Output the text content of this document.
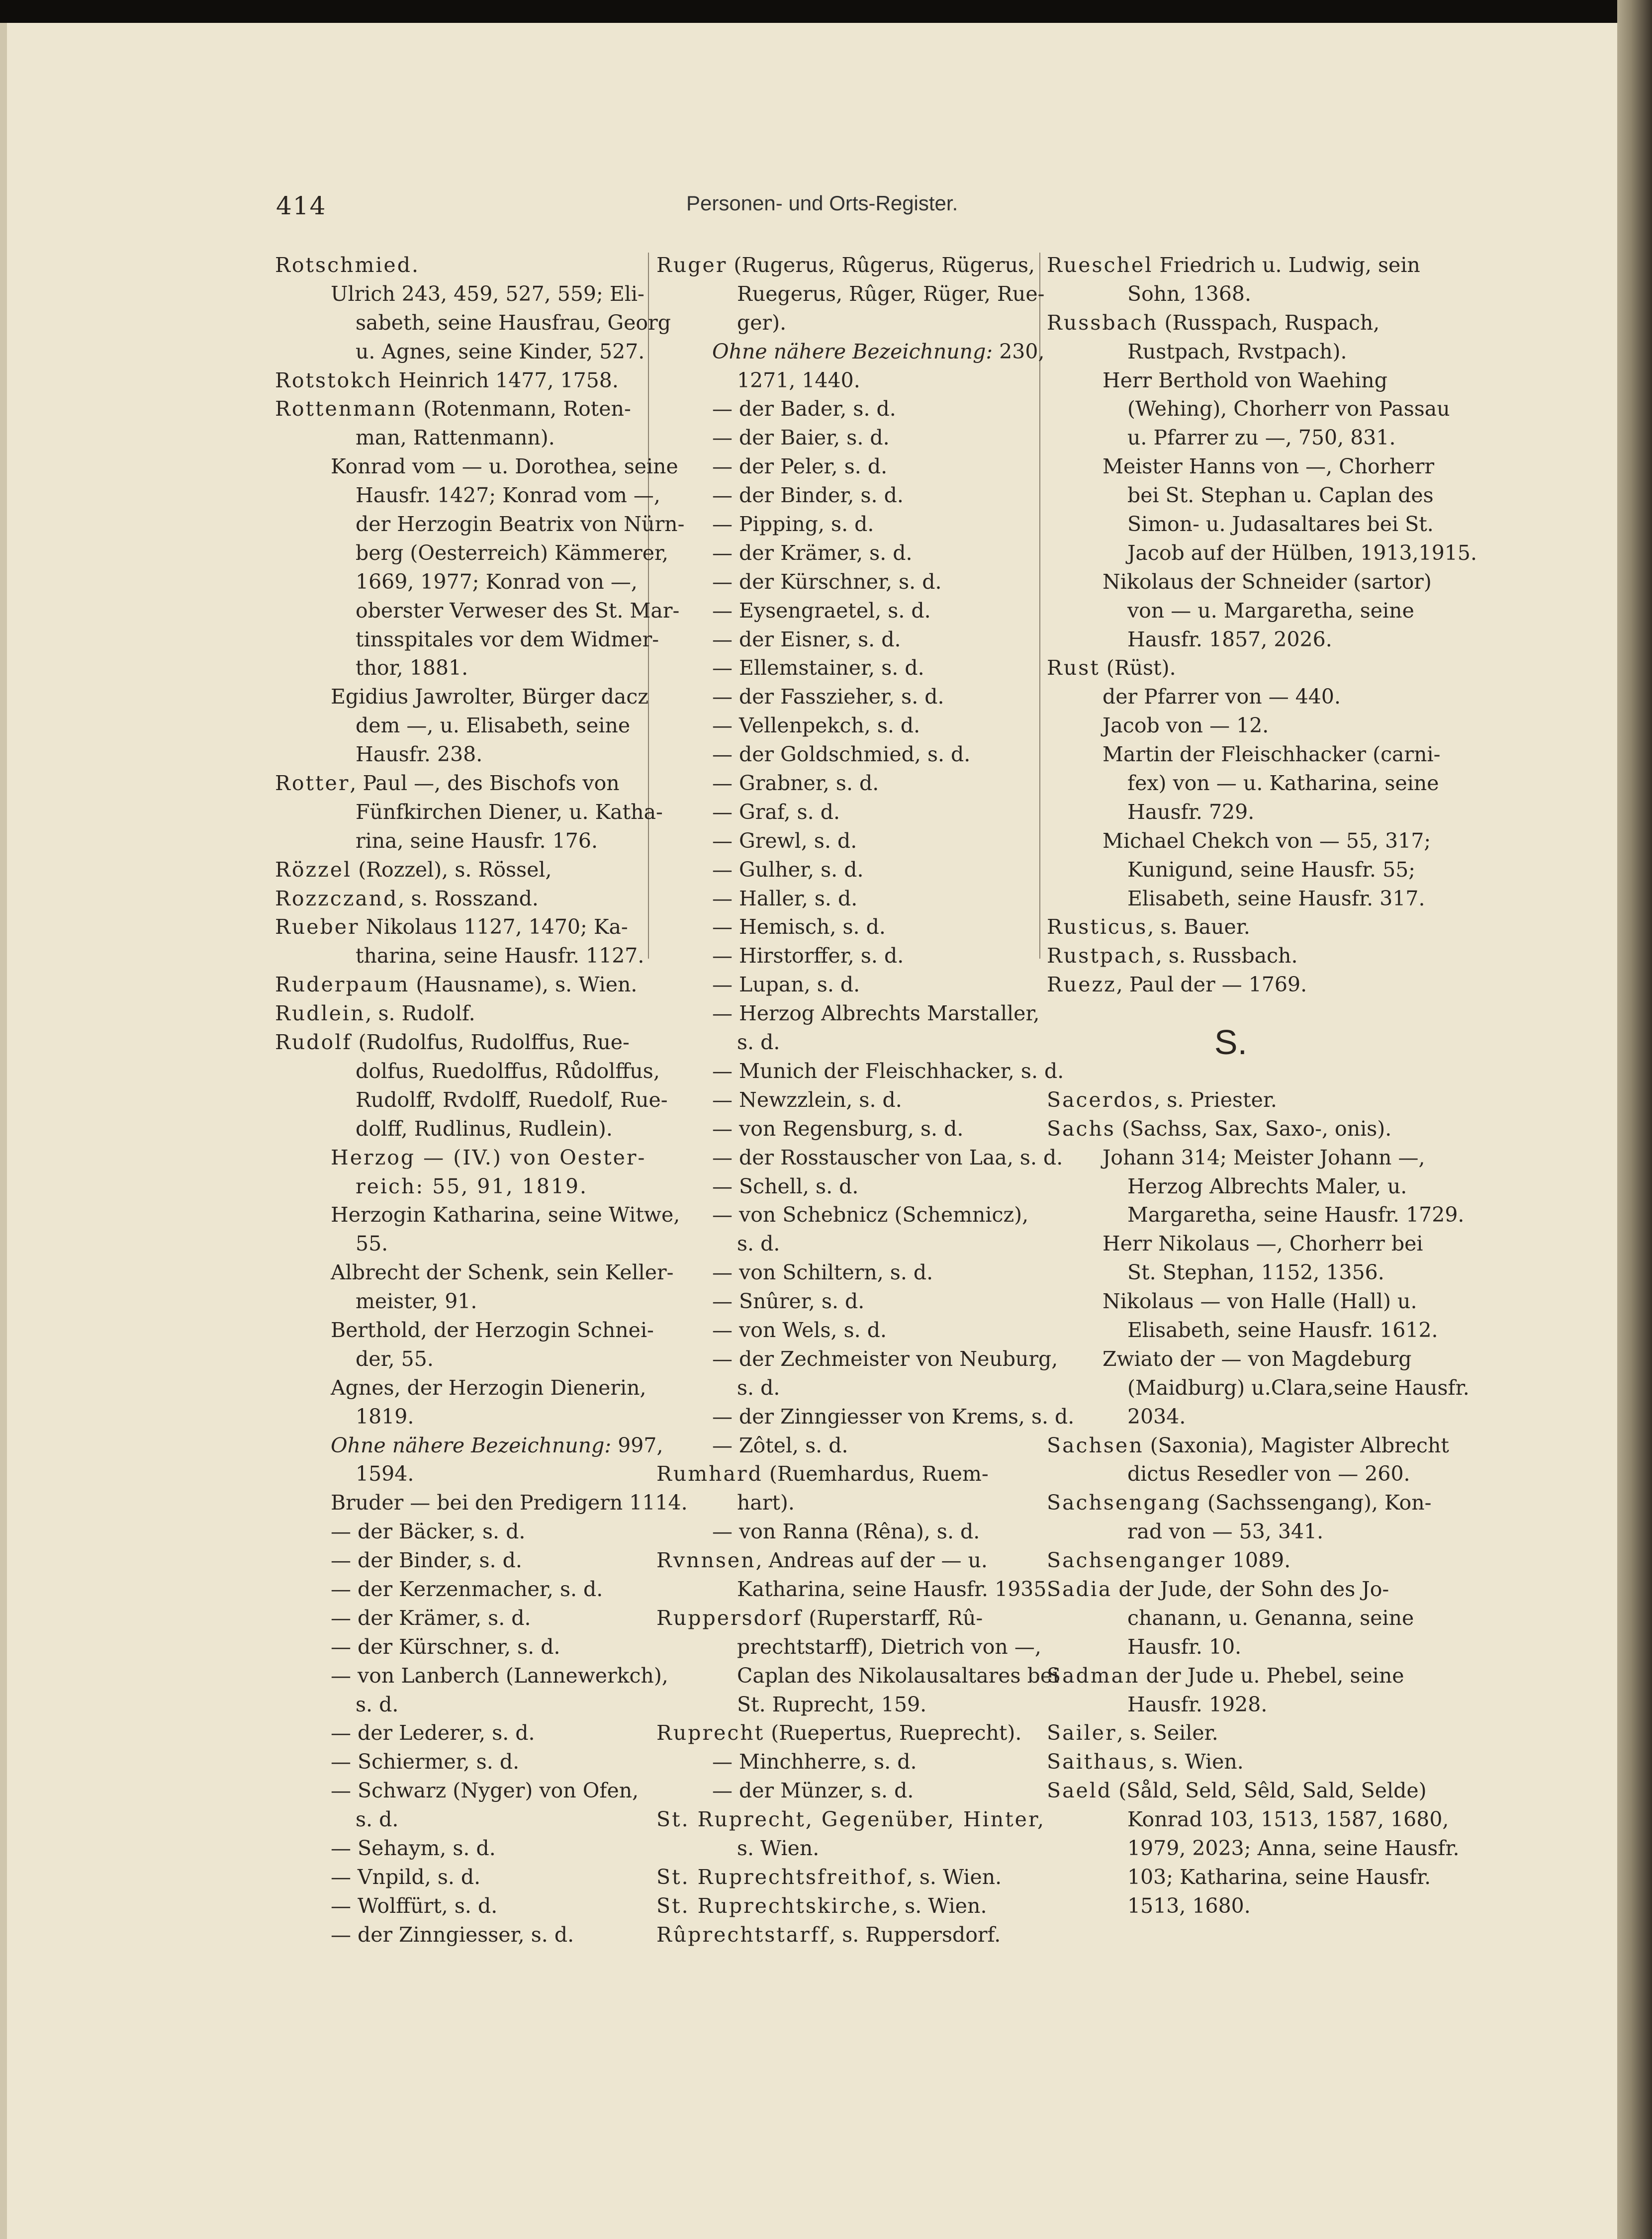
414	Personen- und Orts-Register.
Rotschmied.
Ulrich 243, 459, 527, 559; Eli-
sabeth, seine Hausfrau, Georg
u. Agnes, seine Kinder, 527.
Rotstokch Heinrich 1477, 1758.
Rottenmann (Rotenmann, Roten-
man, Rattenmann).
Konrad vom — u. Dorothea, seine
Hausfr. 1427; Konrad vom —,
der Herzogin Beatrix von Nürn-
berg (Oesterreich) Kämmerer,
1669, 1977; Konrad von —,
oberster Verweser des St. Mar-
tinsspitales vor dem Widmer-
thor, 1881.
Egidius Jawrolter, Bürger dacz
dem —, u. Elisabeth, seine
Hausfr. 238.
Rotter, Paul —, des Bischofs von
Fünfkirchen Diener, u. Katha-
rina, seine Hausfr. 176.
Rözzel (Rozzel), s. Rössel,
Rozzczand, s. Rosszand.
Rueber Nikolaus 1127, 1470; Ka-
tharina, seine Hausfr. 1127.
Ruderpaum (Hausname), s. Wien.
Rudlein, s. Rudolf.
Rudolf (Rudolfus, Rudolffus, Rue-
dolfus, Ruedolffus, Růdolffus,
Rudolff, Rvdolff, Ruedolf, Rue-
dolff, Rudlinus, Rudlein).
Herzog — (IV.) von Oester-
reich: 55, 91, 1819.
Herzogin Katharina, seine Witwe,
55.
Albrecht der Schenk, sein Keller-
meister, 91.
Berthold, der Herzogin Schnei-
der, 55.
Agnes, der Herzogin Dienerin,
1819.
Ohne nähere Bezeichnung: 997,
1594.
Bruder — bei den Predigern 1114.
— der Bäcker, s. d.
— der Binder, s. d.
— der Kerzenmacher, s. d.
— der Krämer, s. d.
— der Kürschner, s. d.
— von Lanberch (Lannewerkch),
s. d.
— der Lederer, s. d.
— Schiermer, s. d.
— Schwarz (Nyger) von Ofen,
s. d.
— Sehaym, s. d.
— Vnpild, s. d.
— Wolffürt, s. d.
— der Zinngiesser, s. d.
Ruger (Rugerus, Rûgerus, Rügerus,
Ruegerus, Rûger, Rüger, Rue-
ger).
Ohne nähere Bezeichnung: 230,
1271, 1440.
— der Bader, s. d.
— der Baier, s. d.
— der Peler, s. d.
— der Binder, s. d.
— Pipping, s. d.
— der Krämer, s. d.
— der Kürschner, s. d.
— Eysengraetel, s. d.
— der Eisner, s. d.
— Ellemstainer, s. d.
— der Fasszieher, s. d.
— Vellenpekch, s. d.
— der Goldschmied, s. d.
— Grabner, s. d.
— Graf, s. d.
— Grewl, s. d.
— Gulher, s. d.
— Haller, s. d.
— Hemisch, s. d.
— Hirstorffer, s. d.
— Lupan, s. d.
— Herzog Albrechts Marstaller,
s. d.
— Munich der Fleischhacker, s. d.
— Newzzlein, s. d.
— von Regensburg, s. d.
— der Rosstauscher von Laa, s. d.
— Schell, s. d.
— von Schebnicz (Schemnicz),
s. d.
— von Schiltern, s. d.
— Snûrer, s. d.
— von Wels, s. d.
— der Zechmeister von Neuburg,
s. d.
— der Zinngiesser von Krems, s. d.
— Zôtel, s. d.
Rumhard (Ruemhardus, Ruem-
hart).
— von Ranna (Rêna), s. d.
Rvnnsen, Andreas auf der — u.
Katharina, seine Hausfr. 1935.
Ruppersdorf (Ruperstarff, Rû-
prechtstarff), Dietrich von —,
Caplan des Nikolausaltares bei
St. Ruprecht, 159.
Ruprecht (Ruepertus, Rueprecht).
— Minchherre, s. d.
— der Münzer, s. d.
St. Ruprecht, Gegenüber, Hinter,
s. Wien.
St. Ruprechtsfreithof, s. Wien.
St. Ruprechtskirche, s. Wien.
Rûprechtstarff, s. Ruppersdorf.
Rueschel Friedrich u. Ludwig, sein
Sohn, 1368.
Russbach (Russpach, Ruspach,
Rustpach, Rvstpach).
Herr Berthold von Waehing
(Wehing), Chorherr von Passau
u. Pfarrer zu —, 750, 831.
Meister Hanns von —, Chorherr
bei St. Stephan u. Caplan des
Simon- u. Judasaltares bei St.
Jacob auf der Hülben, 1913,1915.
Nikolaus der Schneider (sartor)
von — u. Margaretha, seine
Hausfr. 1857, 2026.
Rust (Rüst).
der Pfarrer von — 440.
Jacob von — 12.
Martin der Fleischhacker (carni-
fex) von — u. Katharina, seine
Hausfr. 729.
Michael Chekch von — 55, 317;
Kunigund, seine Hausfr. 55;
Elisabeth, seine Hausfr. 317.
Rusticus, s. Bauer.
Rustpach, s. Russbach.
Ruezz, Paul der — 1769.
S.
Sacerdos, s. Priester.
Sachs (Sachss, Sax, Saxo-, onis).
Johann 314; Meister Johann —,
Herzog Albrechts Maler, u.
Margaretha, seine Hausfr. 1729.
Herr Nikolaus —, Chorherr bei
St. Stephan, 1152, 1356.
Nikolaus — von Halle (Hall) u.
Elisabeth, seine Hausfr. 1612.
Zwiato der — von Magdeburg
(Maidburg) u.Clara,seine Hausfr.
2034.
Sachsen (Saxonia), Magister Albrecht
dictus Resedler von — 260.
Sachsengang (Sachssengang), Kon-
rad von — 53, 341.
Sachsenganger 1089.
Sadia der Jude, der Sohn des Jo-
chanann, u. Genanna, seine
Hausfr. 10.
Sadman der Jude u. Phebel, seine
Hausfr. 1928.
Sailer, s. Seiler.
Saithaus, s. Wien.
Saeld (Såld, Seld, Sêld, Sald, Selde)
Konrad 103, 1513, 1587, 1680,
1979, 2023; Anna, seine Hausfr.
103; Katharina, seine Hausfr.
1513, 1680.
